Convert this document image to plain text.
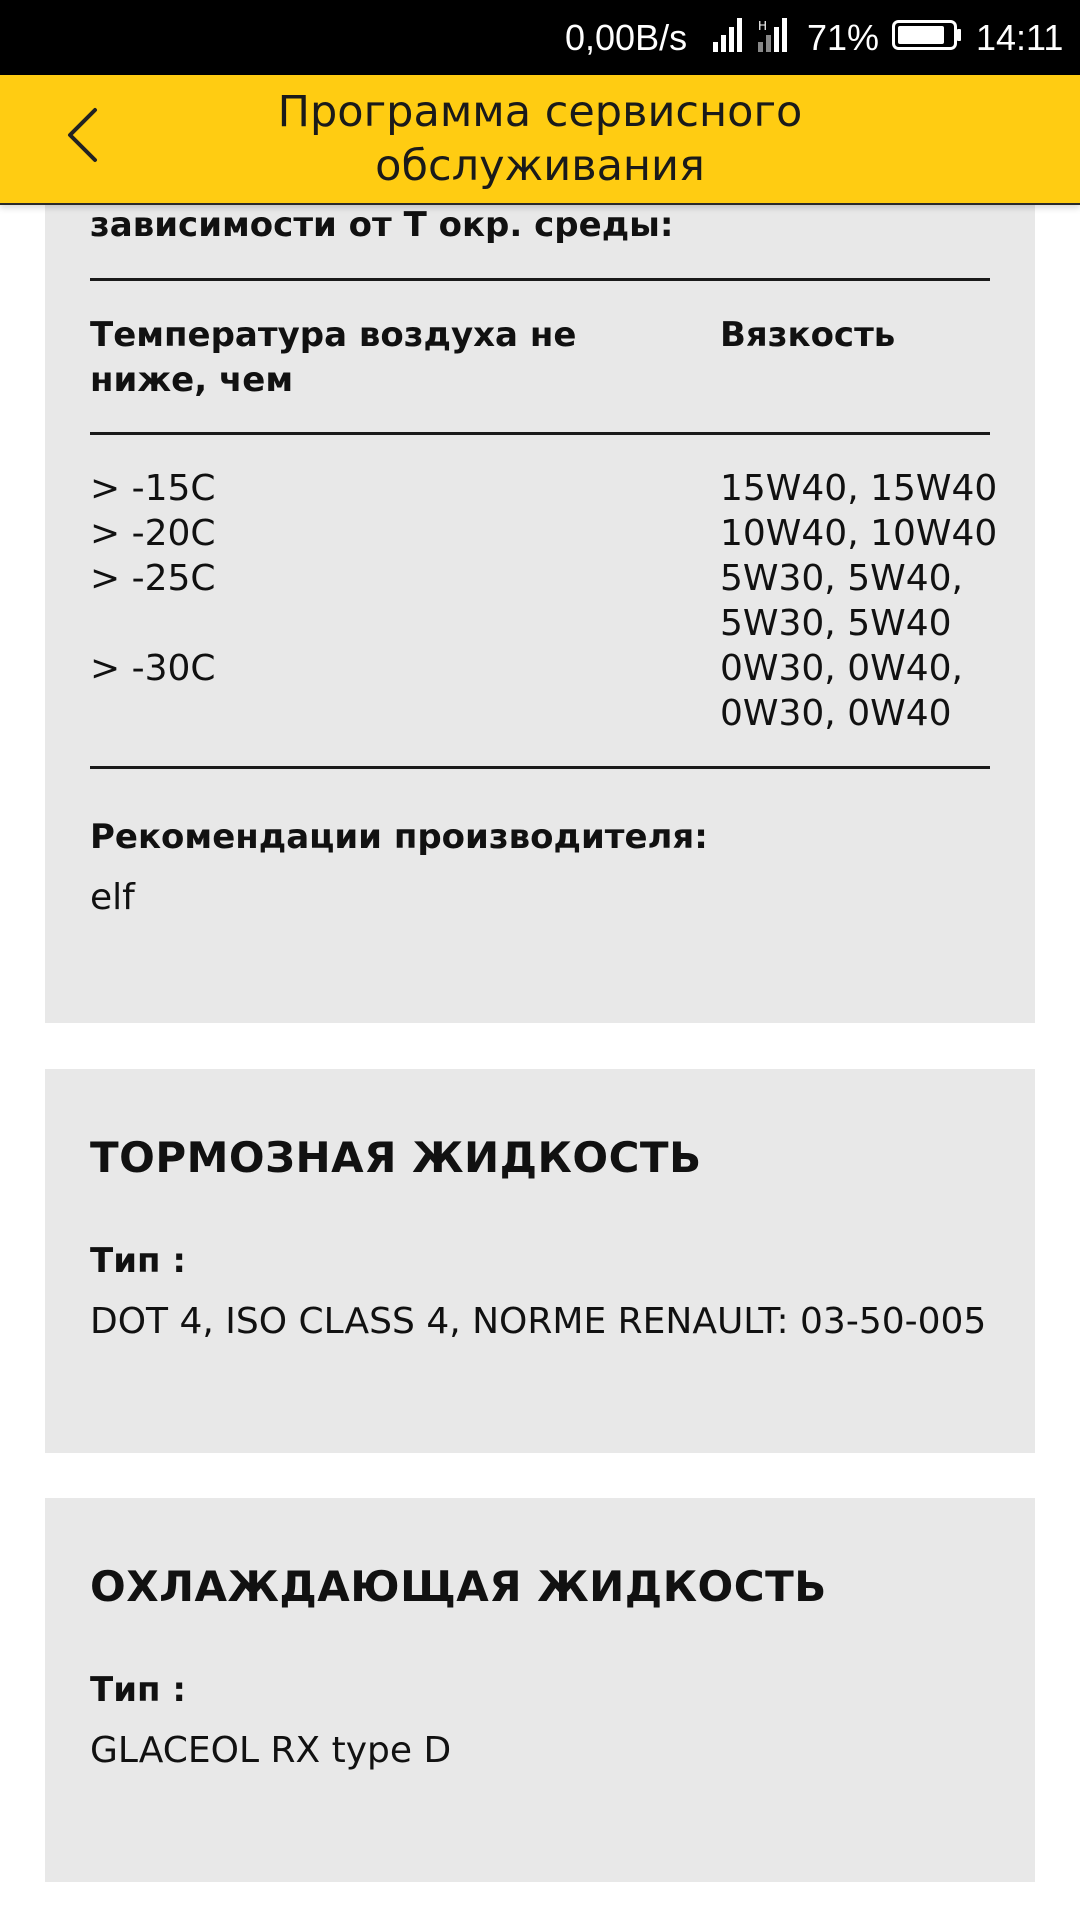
0,00B/s	H 71%	14:11
Программа сервисного
обслуживания
зависимости от Т окр. среды:
Температура воздуха не ниже, чем
Вязкость
> -15C
> -20C
> -25C
> -30C
15W40, 15W40
10W40, 10W40
5W30, 5W40,
5W30, 5W40
0W30, 0W40,
0W30, 0W40
Рекомендации производителя:
elf
ТОРМОЗНАЯ ЖИДКОСТЬ
Тип :
DOT 4, ISO CLASS 4, NORME RENAULT: 03-50-005
ОХЛАЖДАЮЩАЯ ЖИДКОСТЬ
Тип :
GLACEOL RX type D
